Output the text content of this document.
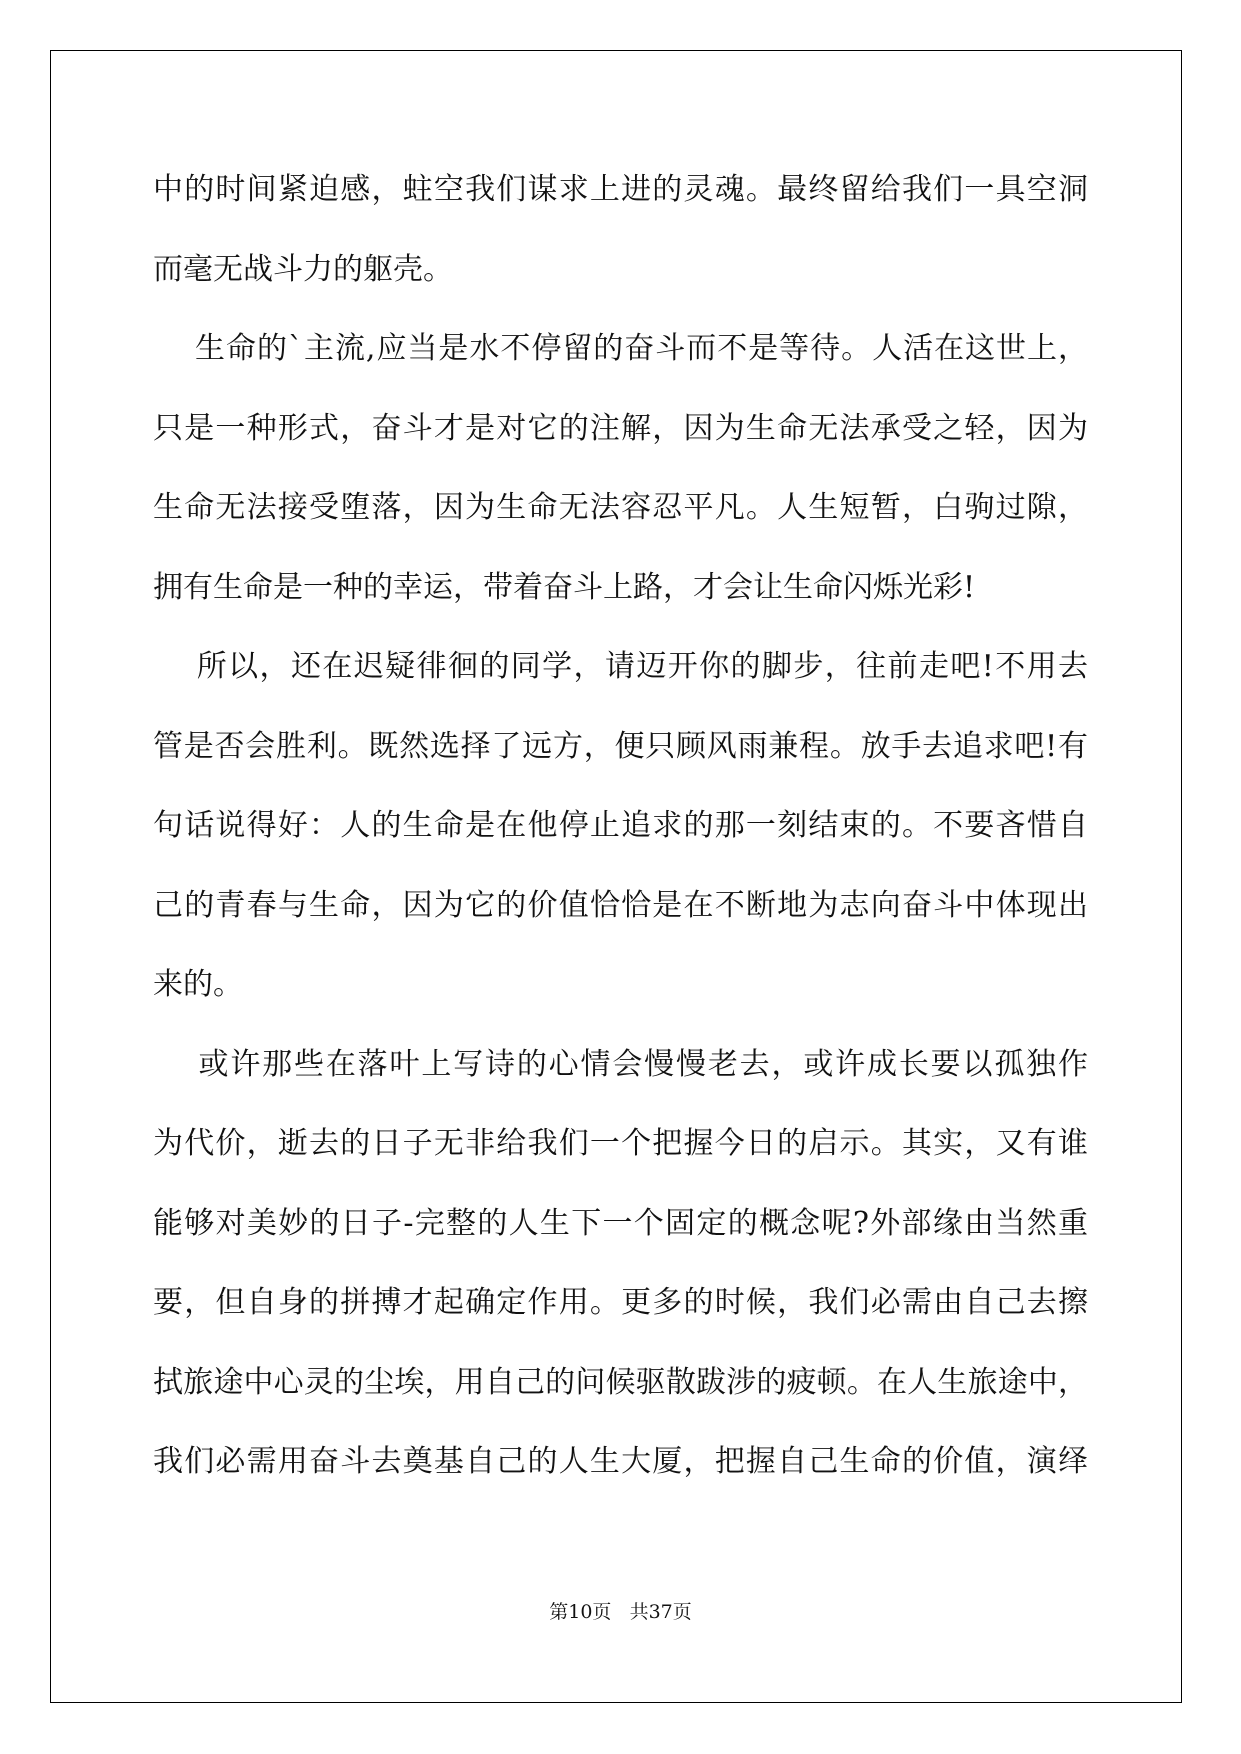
中的时间紧迫感，蛀空我们谋求上进的灵魂。最终留给我们一具空洞
而毫无战斗力的躯壳。
生命的`主流,应当是水不停留的奋斗而不是等待。人活在这世上，
只是一种形式，奋斗才是对它的注解，因为生命无法承受之轻，因为
生命无法接受堕落，因为生命无法容忍平凡。人生短暂，白驹过隙，
拥有生命是一种的幸运，带着奋斗上路，才会让生命闪烁光彩!
所以，还在迟疑徘徊的同学，请迈开你的脚步，往前走吧!不用去
管是否会胜利。既然选择了远方，便只顾风雨兼程。放手去追求吧!有
句话说得好：人的生命是在他停止追求的那一刻结束的。不要吝惜自
己的青春与生命，因为它的价值恰恰是在不断地为志向奋斗中体现出
来的。
或许那些在落叶上写诗的心情会慢慢老去，或许成长要以孤独作
为代价，逝去的日子无非给我们一个把握今日的启示。其实，又有谁
能够对美妙的日子-完整的人生下一个固定的概念呢?外部缘由当然重
要，但自身的拼搏才起确定作用。更多的时候，我们必需由自己去擦
拭旅途中心灵的尘埃，用自己的问候驱散跋涉的疲顿。在人生旅途中，
我们必需用奋斗去奠基自己的人生大厦，把握自己生命的价值，演绎
第10页 共37页
